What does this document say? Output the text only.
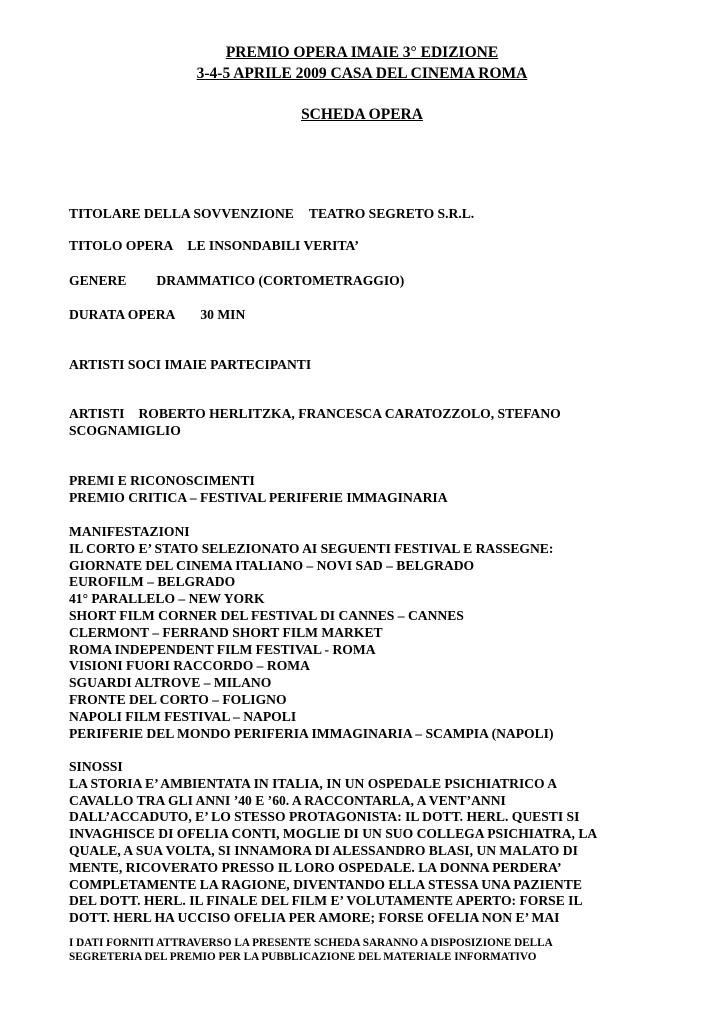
PREMIO OPERA IMAIE 3° EDIZIONE
3-4-5 APRILE 2009 CASA DEL CINEMA ROMA
SCHEDA OPERA
TITOLARE DELLA SOVVENZIONE TEATRO SEGRETO S.R.L.
TITOLO OPERA LE INSONDABILI VERITA’
GENERE DRAMMATICO (CORTOMETRAGGIO)
DURATA OPERA 30 MIN
ARTISTI SOCI IMAIE PARTECIPANTI
ARTISTI ROBERTO HERLITZKA, FRANCESCA CARATOZZOLO, STEFANO
SCOGNAMIGLIO
PREMI E RICONOSCIMENTI
PREMIO CRITICA – FESTIVAL PERIFERIE IMMAGINARIA
MANIFESTAZIONI
IL CORTO E’ STATO SELEZIONATO AI SEGUENTI FESTIVAL E RASSEGNE:
GIORNATE DEL CINEMA ITALIANO – NOVI SAD – BELGRADO
EUROFILM – BELGRADO
41° PARALLELO – NEW YORK
SHORT FILM CORNER DEL FESTIVAL DI CANNES – CANNES
CLERMONT – FERRAND SHORT FILM MARKET
ROMA INDEPENDENT FILM FESTIVAL - ROMA
VISIONI FUORI RACCORDO – ROMA
SGUARDI ALTROVE – MILANO
FRONTE DEL CORTO – FOLIGNO
NAPOLI FILM FESTIVAL – NAPOLI
PERIFERIE DEL MONDO PERIFERIA IMMAGINARIA – SCAMPIA (NAPOLI)
SINOSSI
LA STORIA E’ AMBIENTATA IN ITALIA, IN UN OSPEDALE PSICHIATRICO A
CAVALLO TRA GLI ANNI ’40 E ’60. A RACCONTARLA, A VENT’ANNI
DALL’ACCADUTO, E’ LO STESSO PROTAGONISTA: IL DOTT. HERL. QUESTI SI
INVAGHISCE DI OFELIA CONTI, MOGLIE DI UN SUO COLLEGA PSICHIATRA, LA
QUALE, A SUA VOLTA, SI INNAMORA DI ALESSANDRO BLASI, UN MALATO DI
MENTE, RICOVERATO PRESSO IL LORO OSPEDALE. LA DONNA PERDERA’
COMPLETAMENTE LA RAGIONE, DIVENTANDO ELLA STESSA UNA PAZIENTE
DEL DOTT. HERL. IL FINALE DEL FILM E’ VOLUTAMENTE APERTO: FORSE IL
DOTT. HERL HA UCCISO OFELIA PER AMORE; FORSE OFELIA NON E’ MAI
I DATI FORNITI ATTRAVERSO LA PRESENTE SCHEDA SARANNO A DISPOSIZIONE DELLA
SEGRETERIA DEL PREMIO PER LA PUBBLICAZIONE DEL MATERIALE INFORMATIVO
